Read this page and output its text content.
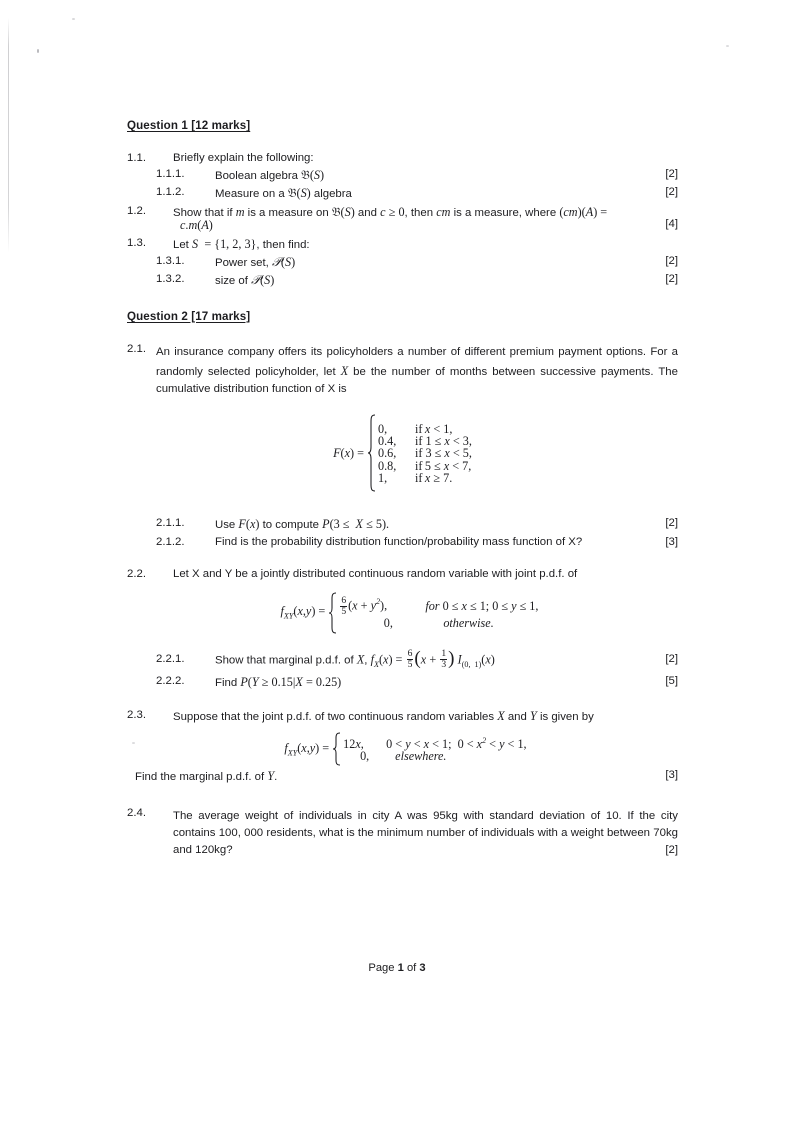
Question 1 [12 marks]
1.1.	Briefly explain the following:
1.1.1.	Boolean algebra 𝔅(S)	[2]
1.1.2.	Measure on a 𝔅(S) algebra	[2]
1.2.	Show that if m is a measure on 𝔅(S) and c ≥ 0, then cm is a measure, where (cm)(A) =
c.m(A)	[4]
1.3.	Let S  = {1, 2, 3}, then find:
1.3.1.	Power set, 𝒫(S)	[2]
1.3.2.	size of 𝒫(S)	[2]
Question 2 [17 marks]
2.1. An insurance company offers its policyholders a number of different premium payment options. For a randomly selected policyholder, let X be the number of months between successive payments. The cumulative distribution function of X is
F(x) =
0,	if x < 1,
0.4,	if 1 ≤ x < 3,
0.6,	if 3 ≤ x < 5,
0.8,	if 5 ≤ x < 7,
1,	if x ≥ 7.
2.1.1.	Use F(x) to compute P(3 ≤  X ≤ 5).	[2]
2.1.2.	Find is the probability distribution function/probability mass function of X?	[3]
2.2.	Let X and Y be a jointly distributed continuous random variable with joint p.d.f. of
$f_{XY}(x,y)$ =	$\frac{6}{5} (x + y^2)$,	for 0 ≤ x ≤ 1; 0 ≤ y ≤ 1,
0,	otherwise.
2.2.1.	Show that marginal p.d.f. of X, $f_X(x) = \frac{6}{5} (x + \frac{1}{3}$ ) $I_{(0, 1)}(x)$	[2]
2.2.2.	Find P(Y ≥ 0.15|X = 0.25)	[5]
2.3.	Suppose that the joint p.d.f. of two continuous random variables X and Y is given by
$f_{XY}(x,y) = 12x$,	0 < y < x < 1;  $0 < x^2 < y < 1$,
0,	elsewhere.
Find the marginal p.d.f. of Y.	[3]
2.4.	The average weight of individuals in city A was 95kg with standard deviation of 10. If the city contains 100, 000 residents, what is the minimum number of individuals with a weight between 70kg and 120kg?	[2]
Page 1 of 3
